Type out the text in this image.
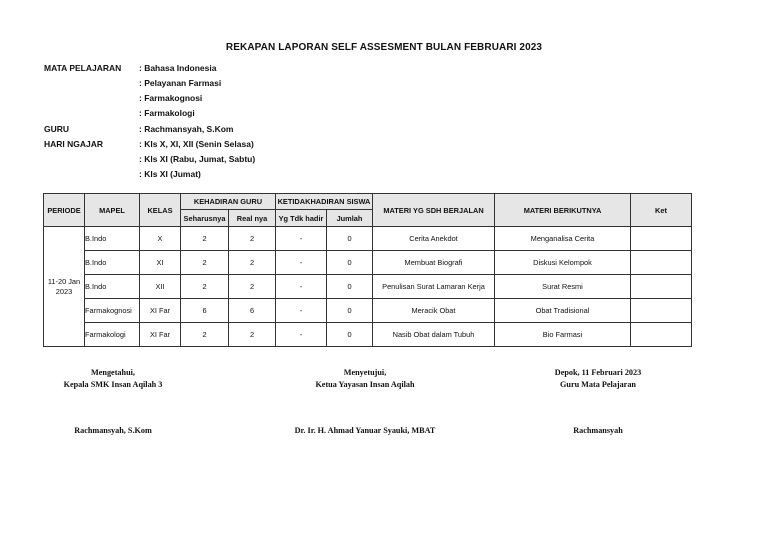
REKAPAN LAPORAN SELF ASSESMENT BULAN FEBRUARI 2023
MATA PELAJARAN : Bahasa Indonesia
: Pelayanan Farmasi
: Farmakognosi
: Farmakologi
GURU	: Rachmansyah, S.Kom
HARI NGAJAR	: Kls X, XI, XII (Senin Selasa)
: Kls XI (Rabu, Jumat, Sabtu)
: Kls XI (Jumat)
PERIODE	MAPEL	KELAS	KEHADIRAN GURU		KETIDAKHADIRAN SISWA		MATERI YG SDH BERJALAN	MATERI BERIKUTNYA	Ket
			Seharusnya	Real nya	Yg Tdk hadir	Jumlah			
11-20 Jan 2023	B.Indo	X	2	2	-	0	Cerita Anekdot	Menganalisa Cerita	
	B.Indo	XI	2	2	-	0	Membuat Biografi	Diskusi Kelompok	
	B.Indo	XII	2	2	-	0	Penulisan Surat Lamaran Kerja	Surat Resmi	
	Farmakognosi	XI Far	6	6	-	0	Meracik Obat	Obat Tradisional	
	Farmakologi	XI Far	2	2	-	0	Nasib Obat dalam Tubuh	Bio Farmasi	
Mengetahui,
Kepala SMK Insan Aqilah 3
Rachmansyah, S.Kom
Menyetujui,
Ketua Yayasan Insan Aqilah
Dr. Ir. H. Ahmad Yanuar Syauki, MBAT
Depok, 11 Februari 2023
Guru Mata Pelajaran
Rachmansyah
